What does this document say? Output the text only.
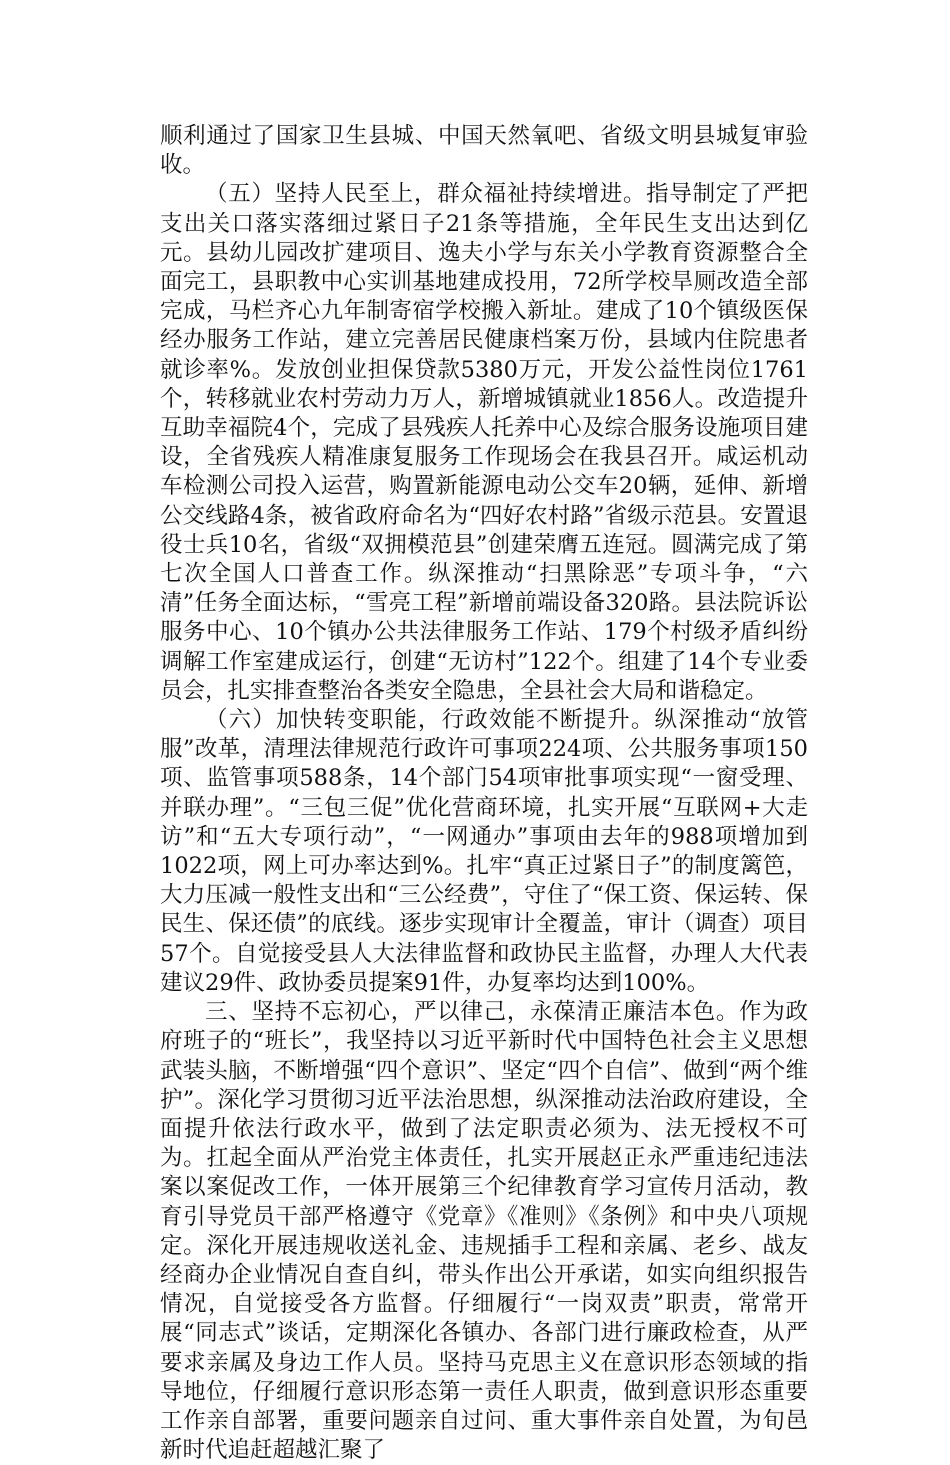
顺利通过了国家卫生县城、中国天然氧吧、省级文明县城复审验收。

（五）坚持人民至上，群众福祉持续增进。指导制定了严把支出关口落实落细过紧日子21条等措施，全年民生支出达到亿元。县幼儿园改扩建项目、逸夫小学与东关小学教育资源整合全面完工，县职教中心实训基地建成投用，72所学校旱厕改造全部完成，马栏齐心九年制寄宿学校搬入新址。建成了10个镇级医保经办服务工作站，建立完善居民健康档案万份，县域内住院患者就诊率%。发放创业担保贷款5380万元，开发公益性岗位1761个，转移就业农村劳动力万人，新增城镇就业1856人。改造提升互助幸福院4个，完成了县残疾人托养中心及综合服务设施项目建设，全省残疾人精准康复服务工作现场会在我县召开。咸运机动车检测公司投入运营，购置新能源电动公交车20辆，延伸、新增公交线路4条，被省政府命名为“四好农村路”省级示范县。安置退役士兵10名，省级“双拥模范县”创建荣膺五连冠。圆满完成了第七次全国人口普查工作。纵深推动“扫黑除恶”专项斗争，“六清”任务全面达标，“雪亮工程”新增前端设备320路。县法院诉讼服务中心、10个镇办公共法律服务工作站、179个村级矛盾纠纷调解工作室建成运行，创建“无访村”122个。组建了14个专业委员会，扎实排查整治各类安全隐患，全县社会大局和谐稳定。

（六）加快转变职能，行政效能不断提升。纵深推动“放管服”改革，清理法律规范行政许可事项224项、公共服务事项150项、监管事项588条，14个部门54项审批事项实现“一窗受理、并联办理”。“三包三促”优化营商环境，扎实开展“互联网+大走访”和“五大专项行动”，“一网通办”事项由去年的988项增加到1022项，网上可办率达到%。扎牢“真正过紧日子”的制度篱笆，大力压减一般性支出和“三公经费”，守住了“保工资、保运转、保民生、保还债”的底线。逐步实现审计全覆盖，审计（调查）项目57个。自觉接受县人大法律监督和政协民主监督，办理人大代表建议29件、政协委员提案91件，办复率均达到100%。

三、坚持不忘初心，严以律己，永葆清正廉洁本色。作为政府班子的“班长”，我坚持以习近平新时代中国特色社会主义思想武装头脑，不断增强“四个意识”、坚定“四个自信”、做到“两个维护”。深化学习贯彻习近平法治思想，纵深推动法治政府建设，全面提升依法行政水平，做到了法定职责必须为、法无授权不可为。扛起全面从严治党主体责任，扎实开展赵正永严重违纪违法案以案促改工作，一体开展第三个纪律教育学习宣传月活动，教育引导党员干部严格遵守《党章》《准则》《条例》和中央八项规定。深化开展违规收送礼金、违规插手工程和亲属、老乡、战友经商办企业情况自查自纠，带头作出公开承诺，如实向组织报告情况，自觉接受各方监督。仔细履行“一岗双责”职责，常常开展“同志式”谈话，定期深化各镇办、各部门进行廉政检查，从严要求亲属及身边工作人员。坚持马克思主义在意识形态领域的指导地位，仔细履行意识形态第一责任人职责，做到意识形态重要工作亲自部署，重要问题亲自过问、重大事件亲自处置，为旬邑新时代追赶超越汇聚了
